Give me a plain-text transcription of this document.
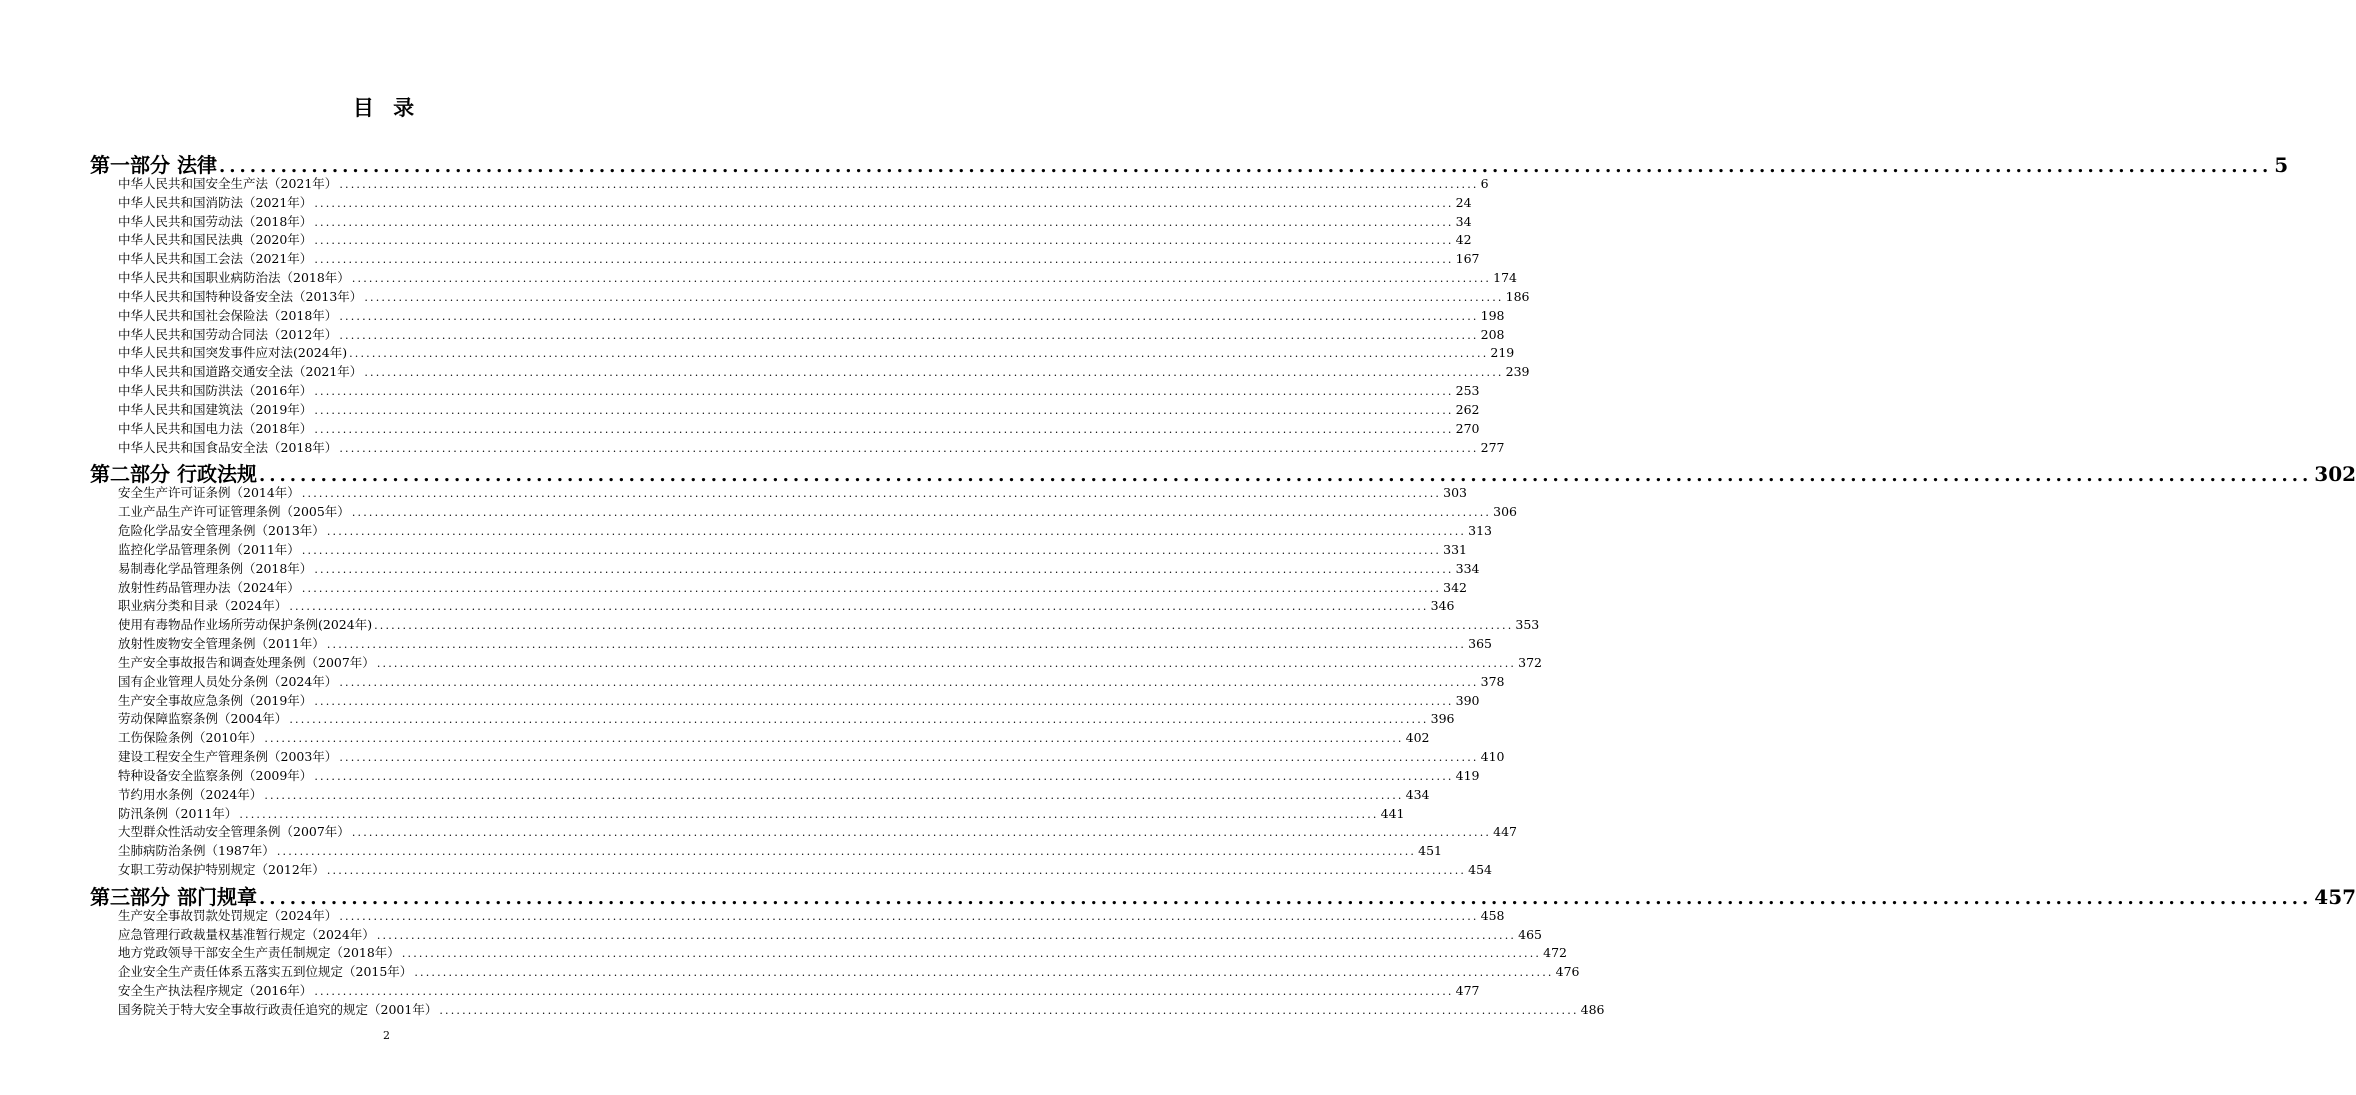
目 录
第一部分 法律 ........................................................................................................................................................................................................ 5
中华人民共和国安全生产法（2021年） ........................................................................................................................................................................................................ 6
中华人民共和国消防法（2021年） ........................................................................................................................................................................................................ 24
中华人民共和国劳动法（2018年） ........................................................................................................................................................................................................ 34
中华人民共和国民法典（2020年） ........................................................................................................................................................................................................ 42
中华人民共和国工会法（2021年） ........................................................................................................................................................................................................ 167
中华人民共和国职业病防治法（2018年） ........................................................................................................................................................................................................ 174
中华人民共和国特种设备安全法（2013年） ........................................................................................................................................................................................................ 186
中华人民共和国社会保险法（2018年） ........................................................................................................................................................................................................ 198
中华人民共和国劳动合同法（2012年） ........................................................................................................................................................................................................ 208
中华人民共和国突发事件应对法(2024年) ........................................................................................................................................................................................................ 219
中华人民共和国道路交通安全法（2021年） ........................................................................................................................................................................................................ 239
中华人民共和国防洪法（2016年） ........................................................................................................................................................................................................ 253
中华人民共和国建筑法（2019年） ........................................................................................................................................................................................................ 262
中华人民共和国电力法（2018年） ........................................................................................................................................................................................................ 270
中华人民共和国食品安全法（2018年） ........................................................................................................................................................................................................ 277
第二部分 行政法规 ........................................................................................................................................................................................................ 302
安全生产许可证条例（2014年） ........................................................................................................................................................................................................ 303
工业产品生产许可证管理条例（2005年） ........................................................................................................................................................................................................ 306
危险化学品安全管理条例（2013年） ........................................................................................................................................................................................................ 313
监控化学品管理条例（2011年） ........................................................................................................................................................................................................ 331
易制毒化学品管理条例（2018年） ........................................................................................................................................................................................................ 334
放射性药品管理办法（2024年） ........................................................................................................................................................................................................ 342
职业病分类和目录（2024年） ........................................................................................................................................................................................................ 346
使用有毒物品作业场所劳动保护条例(2024年) ........................................................................................................................................................................................................ 353
放射性废物安全管理条例（2011年） ........................................................................................................................................................................................................ 365
生产安全事故报告和调查处理条例（2007年） ........................................................................................................................................................................................................ 372
国有企业管理人员处分条例（2024年） ........................................................................................................................................................................................................ 378
生产安全事故应急条例（2019年） ........................................................................................................................................................................................................ 390
劳动保障监察条例（2004年） ........................................................................................................................................................................................................ 396
工伤保险条例（2010年） ........................................................................................................................................................................................................ 402
建设工程安全生产管理条例（2003年） ........................................................................................................................................................................................................ 410
特种设备安全监察条例（2009年） ........................................................................................................................................................................................................ 419
节约用水条例（2024年） ........................................................................................................................................................................................................ 434
防汛条例（2011年） ........................................................................................................................................................................................................ 441
大型群众性活动安全管理条例（2007年） ........................................................................................................................................................................................................ 447
尘肺病防治条例（1987年） ........................................................................................................................................................................................................ 451
女职工劳动保护特别规定（2012年） ........................................................................................................................................................................................................ 454
第三部分 部门规章 ........................................................................................................................................................................................................ 457
生产安全事故罚款处罚规定（2024年） ........................................................................................................................................................................................................ 458
应急管理行政裁量权基准暂行规定（2024年） ........................................................................................................................................................................................................ 465
地方党政领导干部安全生产责任制规定（2018年） ........................................................................................................................................................................................................ 472
企业安全生产责任体系五落实五到位规定（2015年） ........................................................................................................................................................................................................ 476
安全生产执法程序规定（2016年） ........................................................................................................................................................................................................ 477
国务院关于特大安全事故行政责任追究的规定（2001年） ........................................................................................................................................................................................................ 486
2
